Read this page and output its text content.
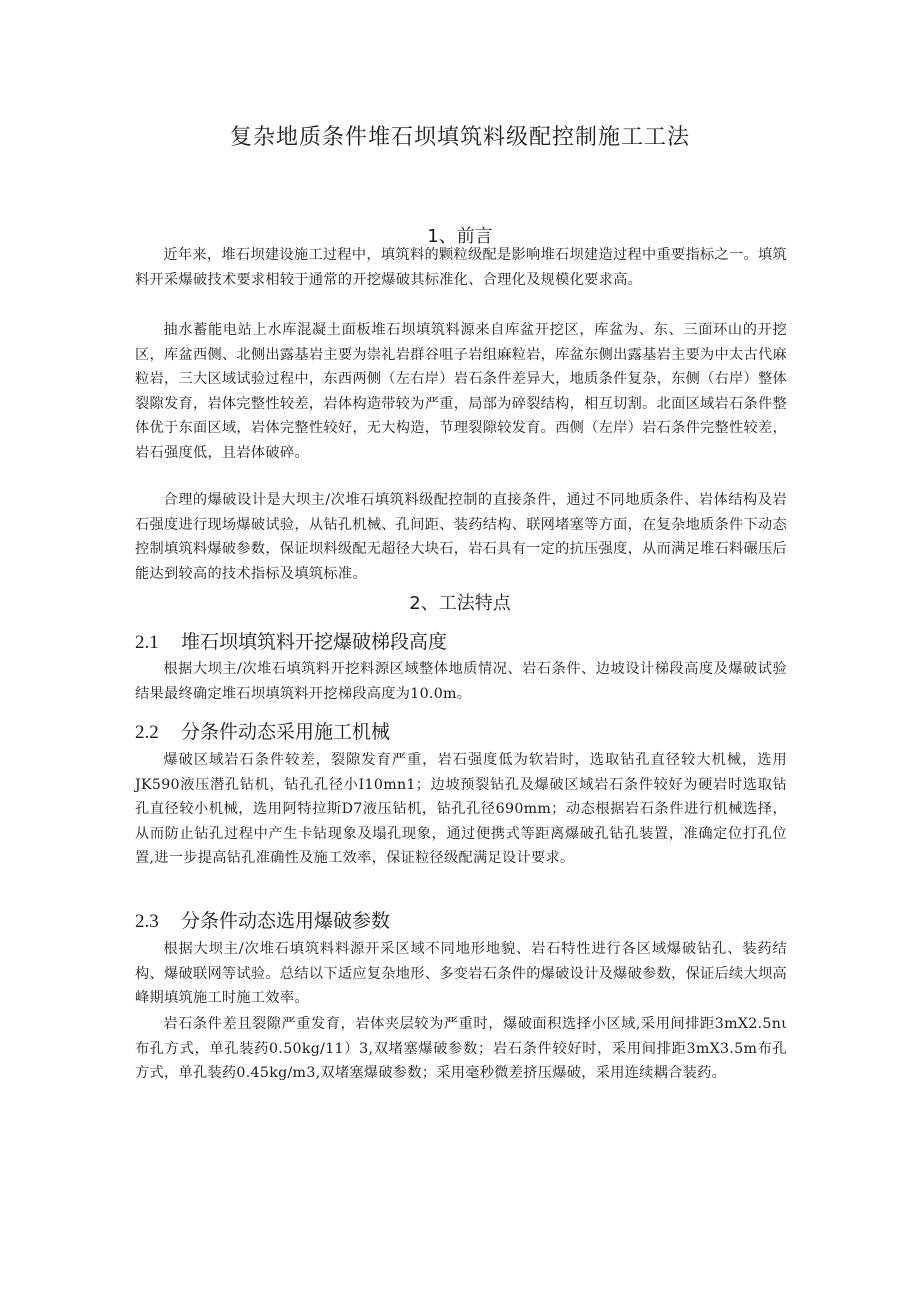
复杂地质条件堆石坝填筑料级配控制施工工法
1、前言

近年来，堆石坝建设施工过程中，填筑料的颗粒级配是影响堆石坝建造过程中重要指标之一。填筑料开采爆破技术要求相较于通常的开挖爆破其标准化、合理化及规模化要求高。

抽水蓄能电站上水库混凝土面板堆石坝填筑料源来自库盆开挖区，库盆为、东、三面环山的开挖区，库盆西侧、北侧出露基岩主要为崇礼岩群谷咀子岩组麻粒岩，库盆东侧出露基岩主要为中太古代麻粒岩，三大区域试验过程中，东西两侧（左右岸）岩石条件差异大，地质条件复杂，东侧（右岸）整体裂隙发育，岩体完整性较差，岩体构造带较为严重，局部为碎裂结构，相互切割。北面区域岩石条件整体优于东面区域，岩体完整性较好，无大构造，节理裂隙较发育。西侧（左岸）岩石条件完整性较差，岩石强度低，且岩体破碎。

合理的爆破设计是大坝主/次堆石填筑料级配控制的直接条件，通过不同地质条件、岩体结构及岩石强度进行现场爆破试验，从钻孔机械、孔间距、装药结构、联网堵塞等方面，在复杂地质条件下动态控制填筑料爆破参数，保证坝料级配无超径大块石，岩石具有一定的抗压强度，从而满足堆石料碾压后能达到较高的技术指标及填筑标准。

2、工法特点
2.1 堆石坝填筑料开挖爆破梯段高度

根据大坝主/次堆石填筑料开挖料源区域整体地质情况、岩石条件、边坡设计梯段高度及爆破试验结果最终确定堆石坝填筑料开挖梯段高度为10.0m。

2.2 分条件动态采用施工机械

爆破区域岩石条件较差，裂隙发育严重，岩石强度低为软岩时，选取钻孔直径较大机械，选用JK590液压潜孔钻机，钻孔孔径小I10mn1；边坡预裂钻孔及爆破区域岩石条件较好为硬岩时选取钻孔直径较小机械，选用阿特拉斯D7液压钻机，钻孔孔径690mm；动态根据岩石条件进行机械选择，从而防止钻孔过程中产生卡钻现象及塌孔现象，通过便携式等距离爆破孔钻孔装置，准确定位打孔位置,进一步提高钻孔准确性及施工效率，保证粒径级配满足设计要求。

2.3 分条件动态选用爆破参数

根据大坝主/次堆石填筑料料源开采区域不同地形地貌、岩石特性进行各区域爆破钻孔、装药结构、爆破联网等试验。总结以下适应复杂地形、多变岩石条件的爆破设计及爆破参数，保证后续大坝高峰期填筑施工时施工效率。

岩石条件差且裂隙严重发育，岩体夹层较为严重时，爆破面积选择小区域,采用间排距3mX2.5nι布孔方式，单孔装药0.50kg/11）3,双堵塞爆破参数；岩石条件较好时，采用间排距3mX3.5m布孔方式，单孔装药0.45kg/m3,双堵塞爆破参数；采用毫秒微差挤压爆破，采用连续耦合装药。
